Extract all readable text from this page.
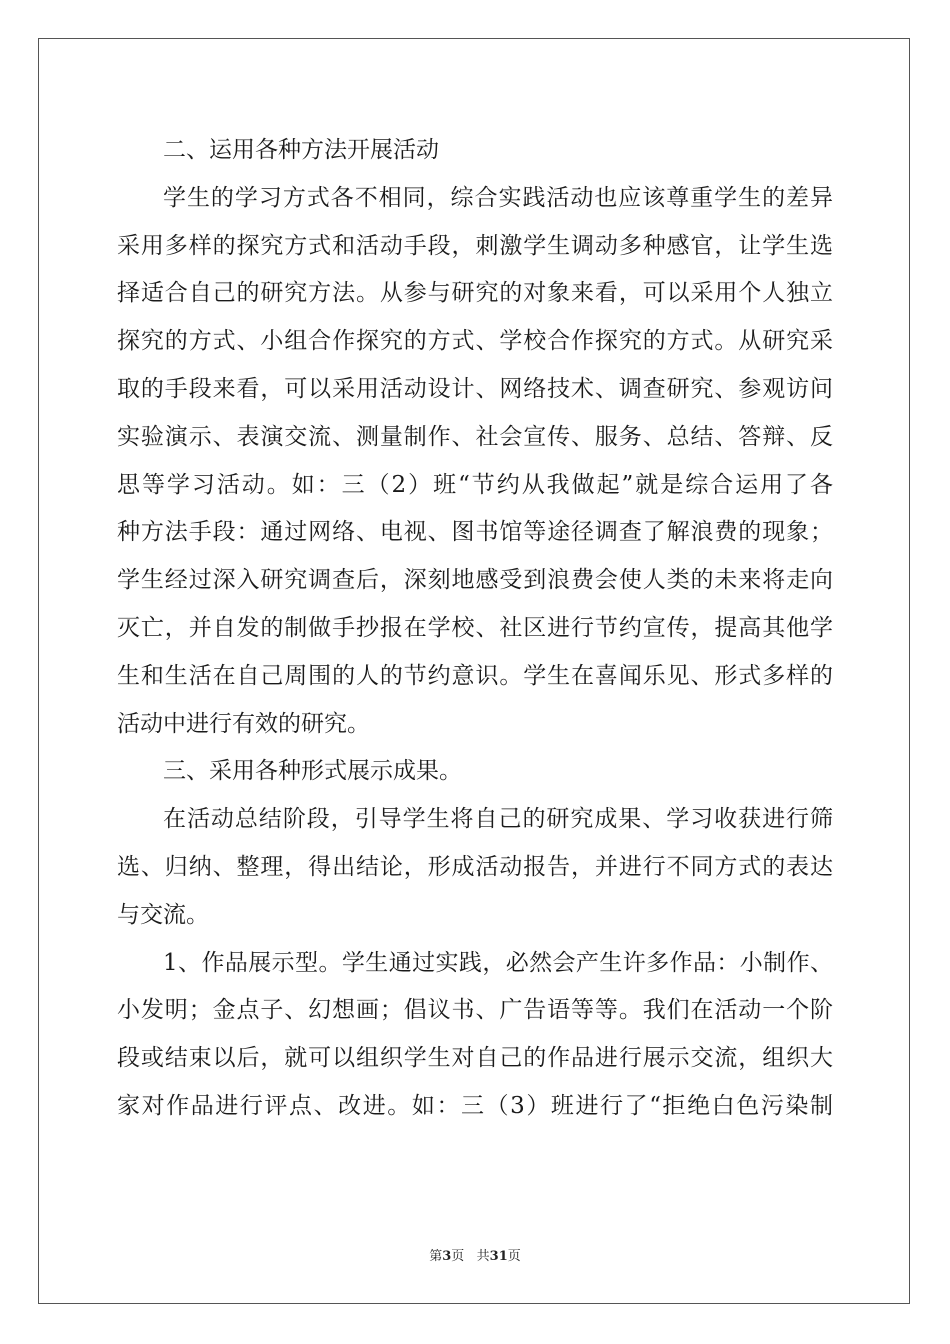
二、运用各种方法开展活动
学生的学习方式各不相同，综合实践活动也应该尊重学生的差异
采用多样的探究方式和活动手段，刺激学生调动多种感官，让学生选
择适合自己的研究方法。从参与研究的对象来看，可以采用个人独立
探究的方式、小组合作探究的方式、学校合作探究的方式。从研究采
取的手段来看，可以采用活动设计、网络技术、调查研究、参观访问
实验演示、表演交流、测量制作、社会宣传、服务、总结、答辩、反
思等学习活动。如：三（2）班“节约从我做起”就是综合运用了各
种方法手段：通过网络、电视、图书馆等途径调查了解浪费的现象；
学生经过深入研究调查后，深刻地感受到浪费会使人类的未来将走向
灭亡，并自发的制做手抄报在学校、社区进行节约宣传，提高其他学
生和生活在自己周围的人的节约意识。学生在喜闻乐见、形式多样的
活动中进行有效的研究。
三、采用各种形式展示成果。
在活动总结阶段，引导学生将自己的研究成果、学习收获进行筛
选、归纳、整理，得出结论，形成活动报告，并进行不同方式的表达
与交流。
1、作品展示型。学生通过实践，必然会产生许多作品：小制作、
小发明；金点子、幻想画；倡议书、广告语等等。我们在活动一个阶
段或结束以后，就可以组织学生对自己的作品进行展示交流，组织大
家对作品进行评点、改进。如：三（3）班进行了“拒绝白色污染制
第3页   共31页
